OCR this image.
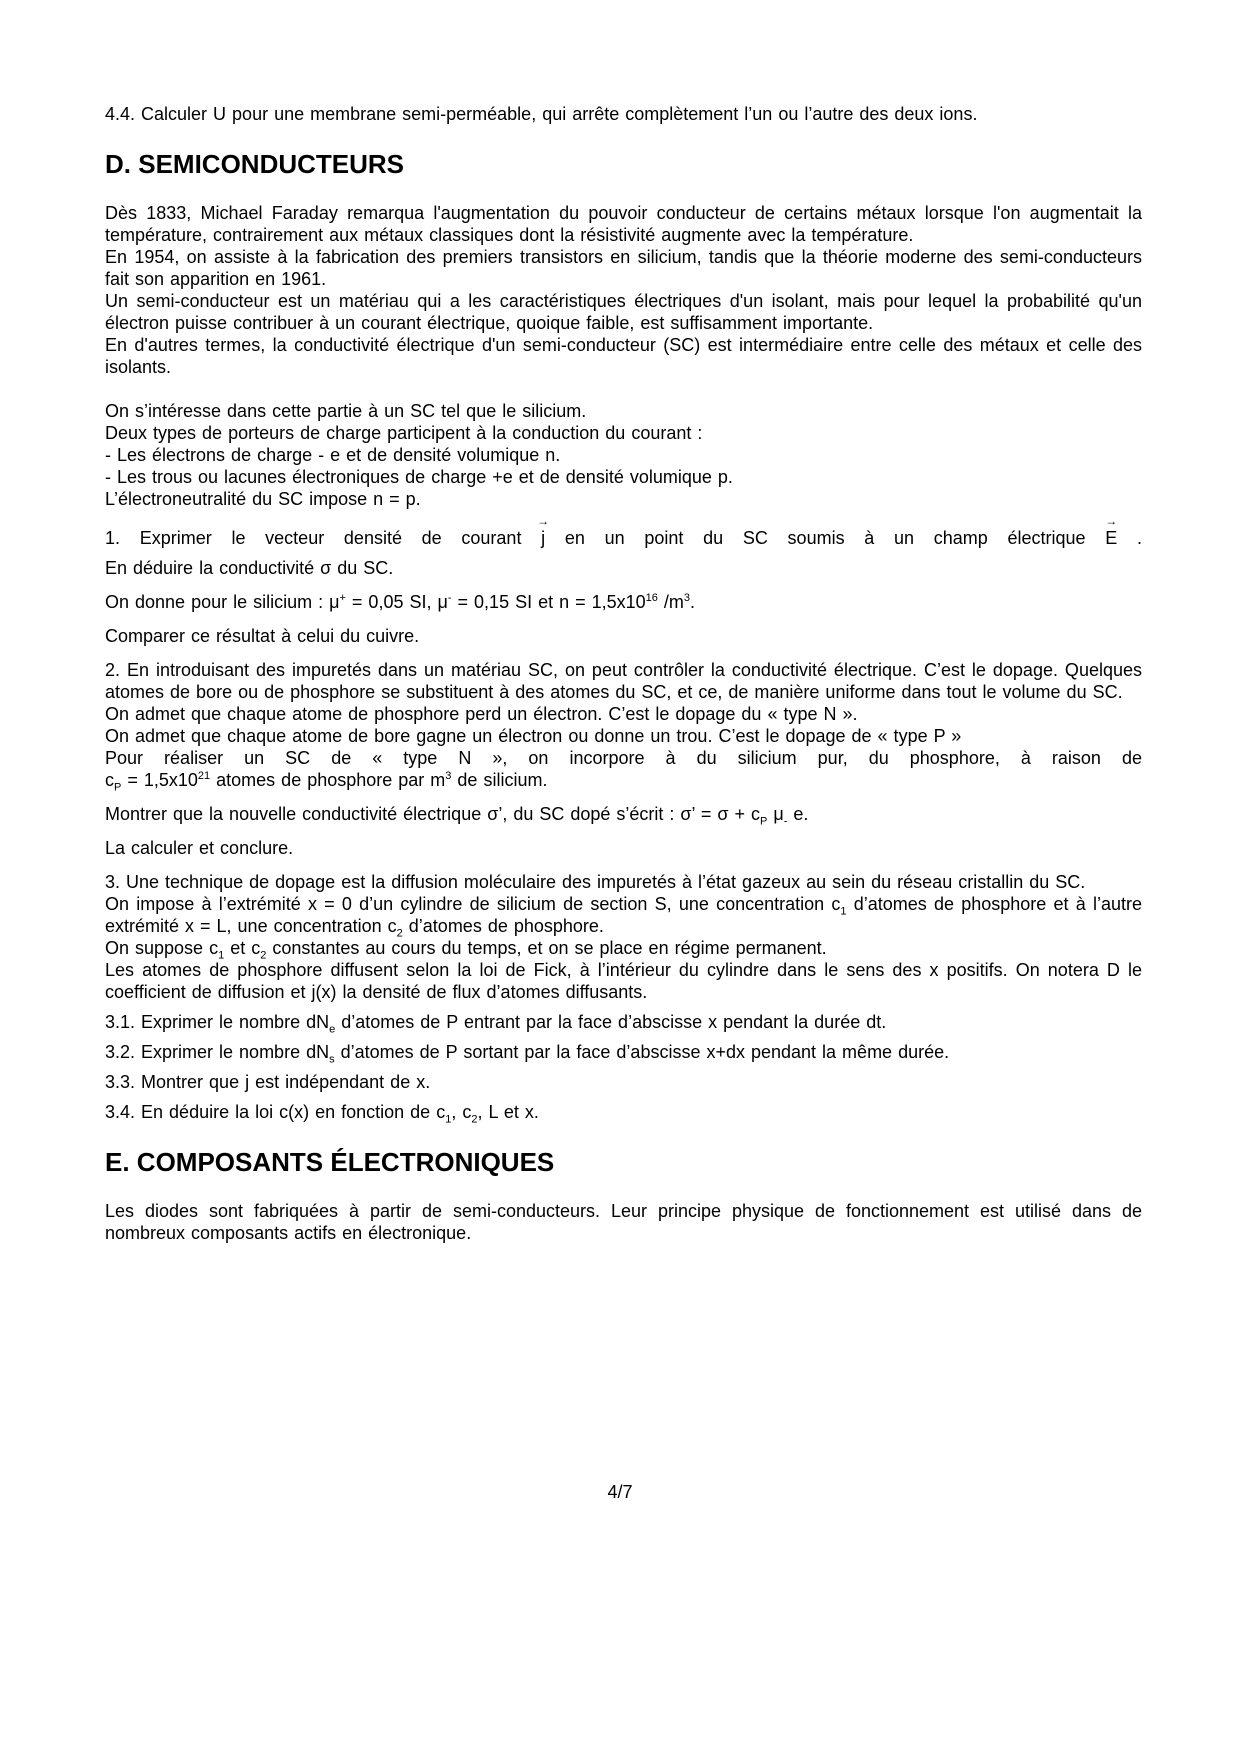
4.4. Calculer U pour une membrane semi-perméable, qui arrête complètement l’un ou l’autre des deux ions.

D. SEMICONDUCTEURS

Dès 1833, Michael Faraday remarqua l'augmentation du pouvoir conducteur de certains métaux lorsque l'on augmentait la température, contrairement aux métaux classiques dont la résistivité augmente avec la température.

En 1954, on assiste à la fabrication des premiers transistors en silicium, tandis que la théorie moderne des semi-conducteurs fait son apparition en 1961.

Un semi-conducteur est un matériau qui a les caractéristiques électriques d'un isolant, mais pour lequel la probabilité qu'un électron puisse contribuer à un courant électrique, quoique faible, est suffisamment importante.

En d'autres termes, la conductivité électrique d'un semi-conducteur (SC) est intermédiaire entre celle des métaux et celle des isolants.

On s’intéresse dans cette partie à un SC tel que le silicium.

Deux types de porteurs de charge participent à la conduction du courant :

- Les électrons de charge - e et de densité volumique n.

- Les trous ou lacunes électroniques de charge +e et de densité volumique p.

L’électroneutralité du SC impose n = p.

1. Exprimer le vecteur densité de courant j → en un point du SC soumis à un champ électrique E → .

En déduire la conductivité σ du SC.

On donne pour le silicium : μ+ = 0,05 SI, μ- = 0,15 SI et $n = 1,5x10^{16}$ $/m^3$.

Comparer ce résultat à celui du cuivre.

2. En introduisant des impuretés dans un matériau SC, on peut contrôler la conductivité électrique. C’est le dopage. Quelques atomes de bore ou de phosphore se substituent à des atomes du SC, et ce, de manière uniforme dans tout le volume du SC.

On admet que chaque atome de phosphore perd un électron. C’est le dopage du « type N ».

On admet que chaque atome de bore gagne un électron ou donne un trou. C’est le dopage de « type P »

Pour réaliser un SC de « type N », on incorpore à du silicium pur, du phosphore, à raison de

$c_P = 1,5x10^{21}$ atomes de phosphore par $m^3$ de silicium.

Montrer que la nouvelle conductivité électrique σ’, du SC dopé s’écrit : σ’ = $\sigma + c_P$ $\mu_-$ e.

La calculer et conclure.

3. Une technique de dopage est la diffusion moléculaire des impuretés à l’état gazeux au sein du réseau cristallin du SC.

On impose à l’extrémité x = 0 d’un cylindre de silicium de section S, une concentration $c_1$ d’atomes de phosphore et à l’autre extrémité x = L, une concentration $c_2$ d’atomes de phosphore.

On suppose $c_1$ et $c_2$ constantes au cours du temps, et on se place en régime permanent.

Les atomes de phosphore diffusent selon la loi de Fick, à l’intérieur du cylindre dans le sens des x positifs. On notera D le coefficient de diffusion et j(x) la densité de flux d’atomes diffusants.

3.1. Exprimer le nombre $dN_e$ d’atomes de P entrant par la face d’abscisse x pendant la durée dt.

3.2. Exprimer le nombre $dN_s$ d’atomes de P sortant par la face d’abscisse x+dx pendant la même durée.

3.3. Montrer que j est indépendant de x.

3.4. En déduire la loi c(x) en fonction de $c_1$, $c_2$, L et x.

E. COMPOSANTS ÉLECTRONIQUES

Les diodes sont fabriquées à partir de semi-conducteurs. Leur principe physique de fonctionnement est utilisé dans de nombreux composants actifs en électronique.

4/7
